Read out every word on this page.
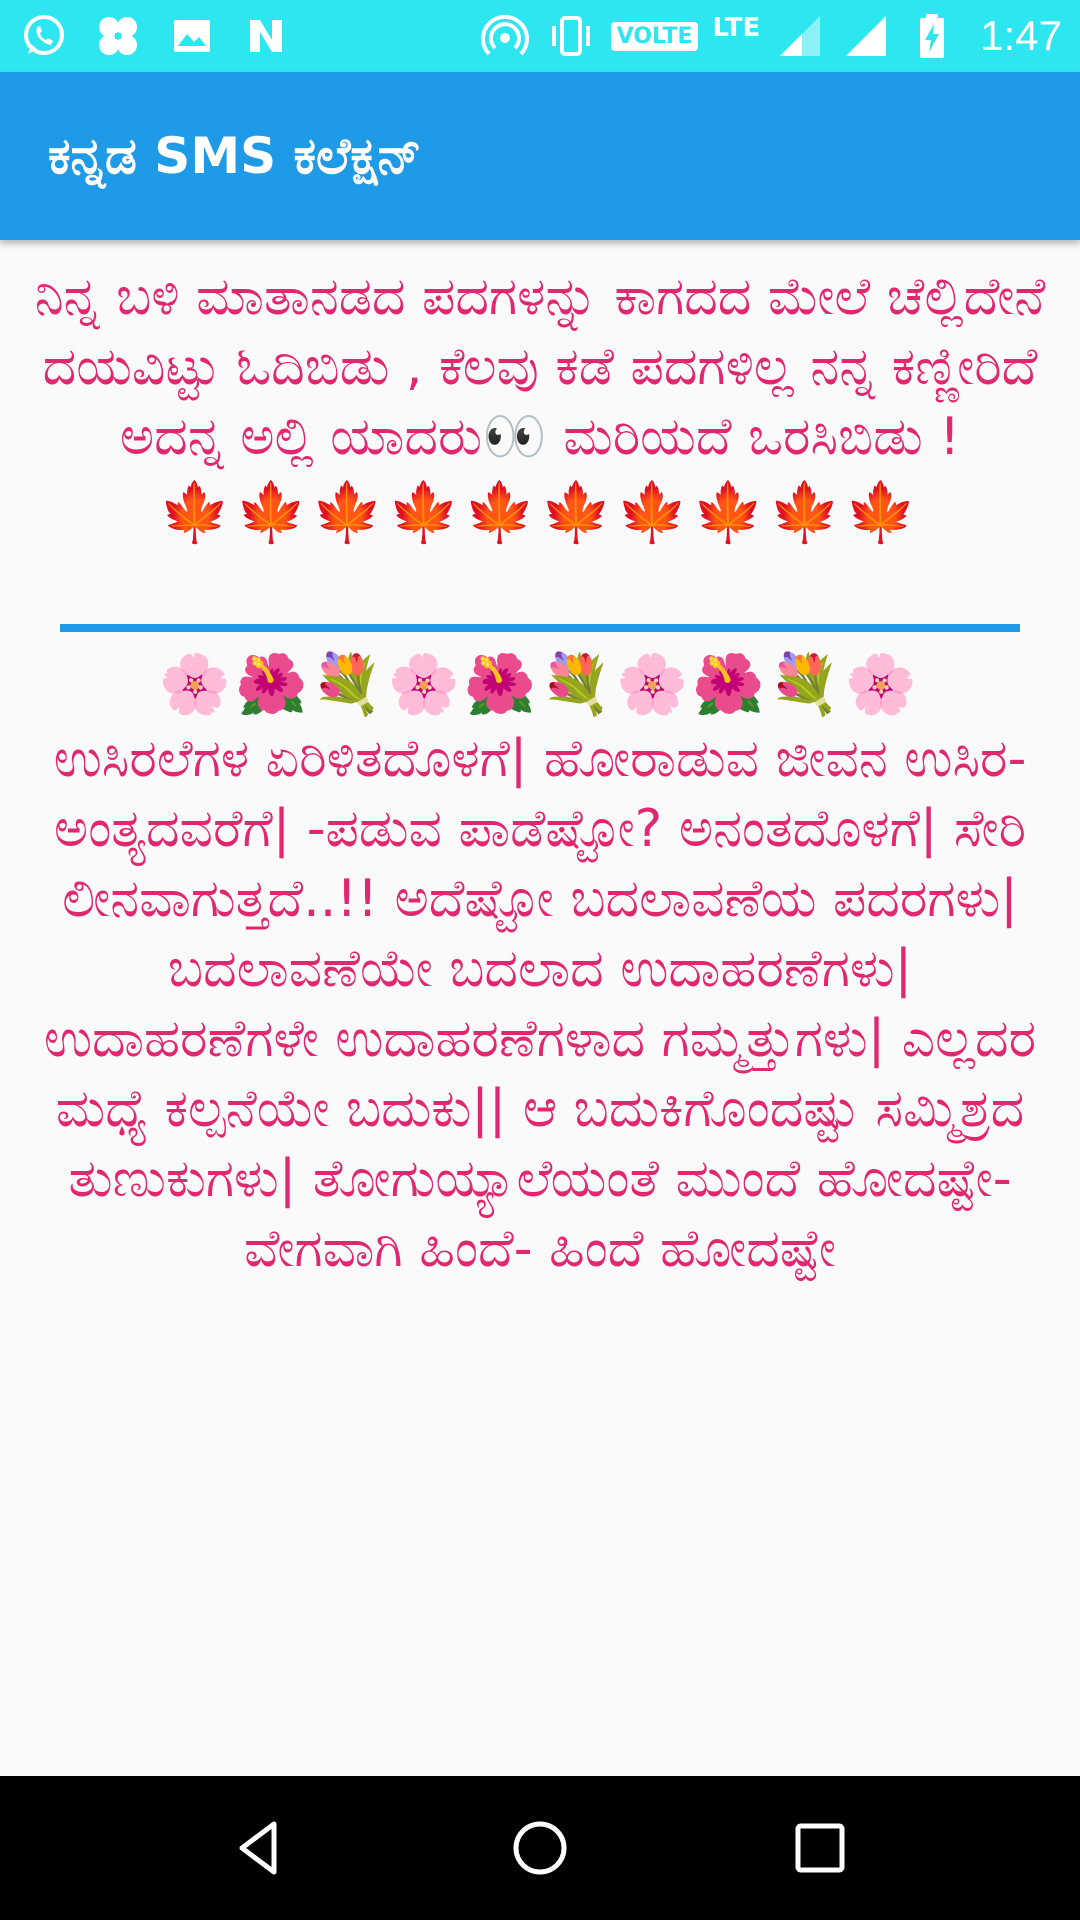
VOLTE LTE	1:47
ಕನ್ನಡ SMS ಕಲೆಕ್ಷನ್
ನಿನ್ನ ಬಳಿ ಮಾತಾನಡದ ಪದಗಳನ್ನು ಕಾಗದದ ಮೇಲೆ ಚೆಲ್ಲಿದೇನೆ ದಯವಿಟ್ಟು ಓದಿಬಿಡು , ಕೆಲವು ಕಡೆ ಪದಗಳಿಲ್ಲ ನನ್ನ ಕಣ್ಣೀರಿದೆ ಅದನ್ನ ಅಲ್ಲಿ ಯಾದರು👀 ಮರಿಯದೆ ಒರಸಿಬಿಡು !
🍁🍁🍁🍁🍁🍁🍁🍁🍁🍁
🌸🌺💐🌸🌺💐🌸🌺💐🌸
ಉಸಿರಲೆಗಳ ಏರಿಳಿತದೊಳಗೆ| ಹೋರಾಡುವ ಜೀವನ ಉಸಿರ-ಅಂತ್ಯದವರೆಗೆ| -ಪಡುವ ಪಾಡೆಷ್ಟೋ? ಅನಂತದೊಳಗೆ| ಸೇರಿ ಲೀನವಾಗುತ್ತದೆ..!! ಅದೆಷ್ಟೋ ಬದಲಾವಣೆಯ ಪದರಗಳು| ಬದಲಾವಣೆಯೇ ಬದಲಾದ ಉದಾಹರಣೆಗಳು| ಉದಾಹರಣೆಗಳೇ ಉದಾಹರಣೆಗಳಾದ ಗಮ್ಮತ್ತುಗಳು| ಎಲ್ಲದರ ಮಧ್ಯೆ ಕಲ್ಪನೆಯೇ ಬದುಕು|| ಆ ಬದುಕಿಗೊಂದಷ್ಟು ಸಮ್ಮಿಶ್ರದ ತುಣುಕುಗಳು| ತೋಗುಯ್ಯಾಲೆಯಂತೆ ಮುಂದೆ ಹೋದಷ್ಟೇ- ವೇಗವಾಗಿ ಹಿಂದೆ- ಹಿಂದೆ ಹೋದಷ್ಟೇ
